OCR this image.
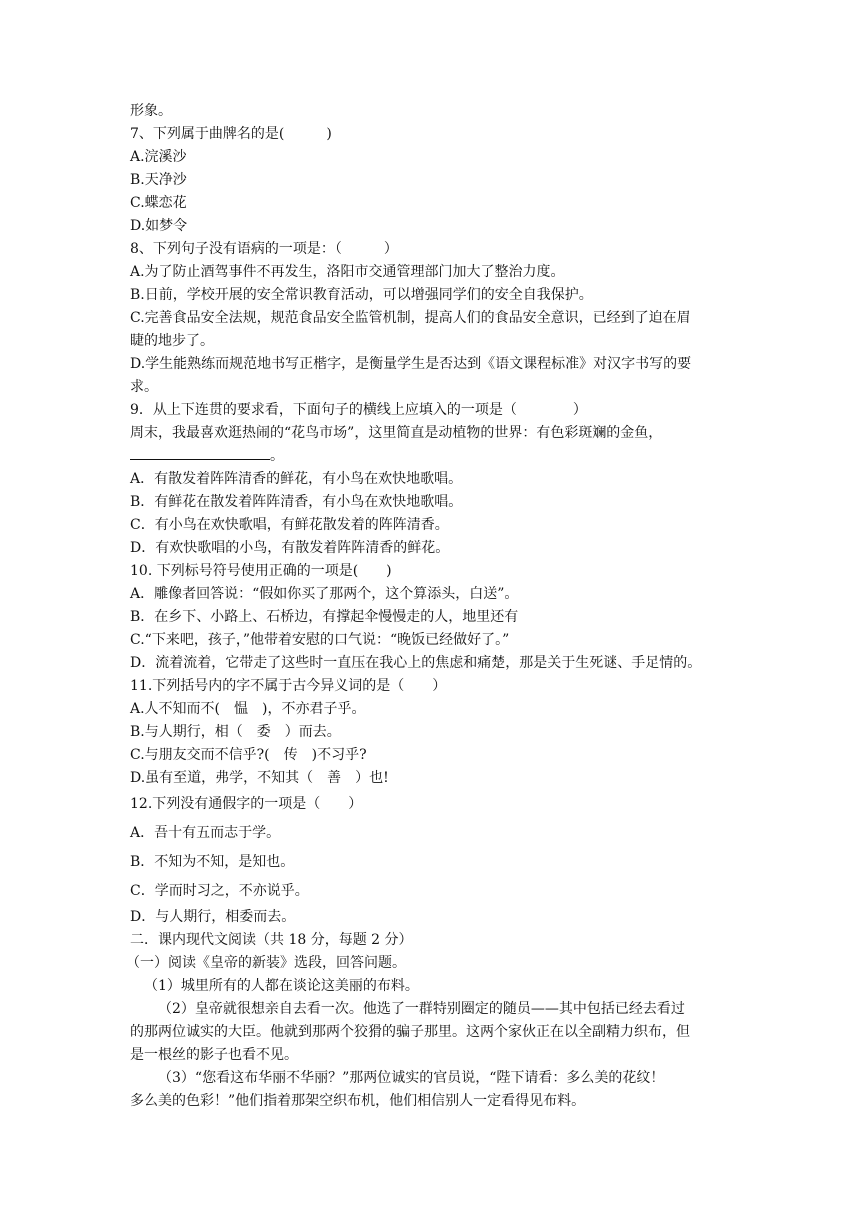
形象。
7、下列属于曲牌名的是(　　　)
A.浣溪沙
B.天净沙
C.蝶恋花
D.如梦令
8、下列句子没有语病的一项是：（　　　）
A.为了防止酒驾事件不再发生，洛阳市交通管理部门加大了整治力度。
B.日前，学校开展的安全常识教育活动，可以增强同学们的安全自我保护。
C.完善食品安全法规，规范食品安全监管机制，提高人们的食品安全意识，已经到了迫在眉
睫的地步了。
D.学生能熟练而规范地书写正楷字，是衡量学生是否达到《语文课程标准》对汉字书写的要
求。
9．从上下连贯的要求看，下面句子的横线上应填入的一项是（　　　　）
周末，我最喜欢逛热闹的“花鸟市场”，这里简直是动植物的世界：有色彩斑斓的金鱼，
。
A．有散发着阵阵清香的鲜花，有小鸟在欢快地歌唱。
B．有鲜花在散发着阵阵清香，有小鸟在欢快地歌唱。
C．有小鸟在欢快歌唱，有鲜花散发着的阵阵清香。
D．有欢快歌唱的小鸟，有散发着阵阵清香的鲜花。
10. 下列标号符号使用正确的一项是(　　)
A．雕像者回答说：“假如你买了那两个，这个算添头，白送”。
B．在乡下、小路上、石桥边，有撑起伞慢慢走的人，地里还有
C.“下来吧，孩子，”他带着安慰的口气说：“晚饭已经做好了。”
D．流着流着，它带走了这些时一直压在我心上的焦虑和痛楚，那是关于生死谜、手足情的。
11.下列括号内的字不属于古今异义词的是（　　）
A.人不知而不(　愠　)，不亦君子乎。
B.与人期行，相（　委　）而去。
C.与朋友交而不信乎?(　传　)不习乎?
D.虽有至道，弗学，不知其（　善　）也!
12.下列没有通假字的一项是（　　）
A．吾十有五而志于学。
B．不知为不知，是知也。
C．学而时习之，不亦说乎。
D．与人期行，相委而去。
二．课内现代文阅读（共 18 分，每题 2 分）
（一）阅读《皇帝的新装》选段，回答问题。
（1）城里所有的人都在谈论这美丽的布料。
（2）皇帝就很想亲自去看一次。他选了一群特别圈定的随员——其中包括已经去看过
的那两位诚实的大臣。他就到那两个狡猾的骗子那里。这两个家伙正在以全副精力织布，但
是一根丝的影子也看不见。
（3）“您看这布华丽不华丽？”那两位诚实的官员说，“陛下请看：多么美的花纹！
多么美的色彩！”他们指着那架空织布机，他们相信别人一定看得见布料。
